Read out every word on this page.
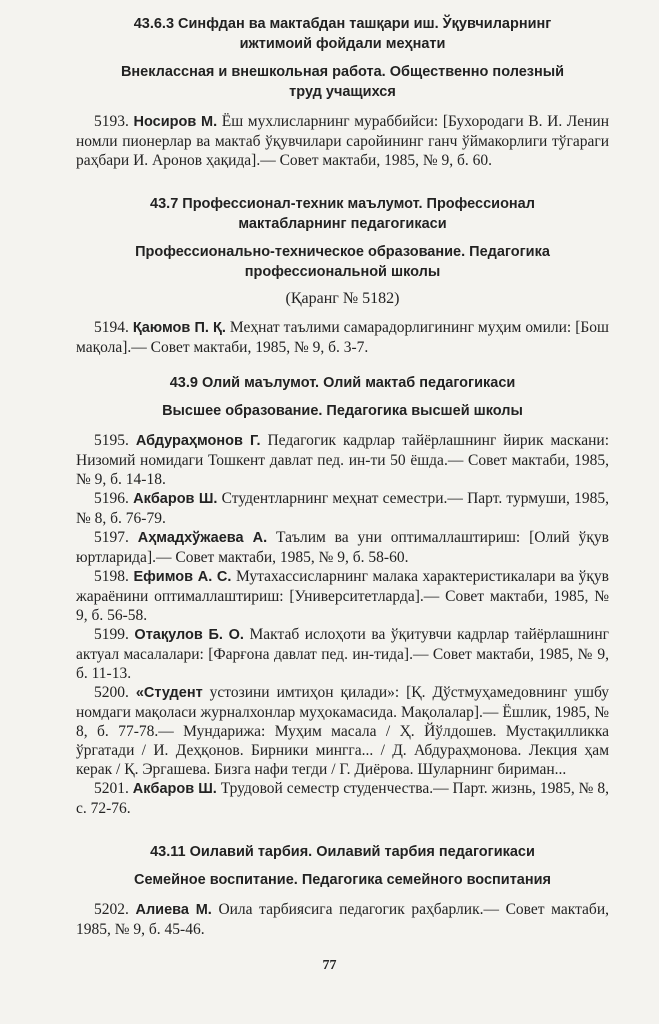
43.6.3 Синфдан ва мактабдан ташқари иш. Ўқувчиларнинг
ижтимоий фойдали меҳнати

Внеклассная и внешкольная работа. Общественно полезный
труд учащихся

5193. Носиров М. Ёш мухлисларнинг мураббийси: [Бухородаги В. И. Ленин номли пионерлар ва мактаб ўқувчилари саройининг ганч ўймакорлиги тўгараги раҳбари И. Аронов ҳақида].— Совет мактаби, 1985, № 9, б. 60.

43.7 Профессионал-техник маълумот. Профессионал
мактабларнинг педагогикаси

Профессионально-техническое образование. Педагогика
профессиональной школы

(Қаранг № 5182)

5194. Қаюмов П. Қ. Меҳнат таълими самарадорлигининг муҳим омили: [Бош мақола].— Совет мактаби, 1985, № 9, б. 3-7.

43.9 Олий маълумот. Олий мактаб педагогикаси

Высшее образование. Педагогика высшей школы

5195. Абдураҳмонов Г. Педагогик кадрлар тайёрлашнинг йирик маскани: Низомий номидаги Тошкент давлат пед. ин-ти 50 ёшда.— Совет мактаби, 1985, № 9, б. 14-18.

5196. Акбаров Ш. Студентларнинг меҳнат семестри.— Парт. турмуши, 1985, № 8, б. 76-79.

5197. Аҳмадхўжаева А. Таълим ва уни оптималлаштириш: [Олий ўқув юртларида].— Совет мактаби, 1985, № 9, б. 58-60.

5198. Ефимов А. С. Мутахассисларнинг малака характеристикалари ва ўқув жараёнини оптималлаштириш: [Университетларда].— Совет мактаби, 1985, № 9, б. 56-58.

5199. Отақулов Б. О. Мактаб ислоҳоти ва ўқитувчи кадрлар тайёрлашнинг актуал масалалари: [Фарғона давлат пед. ин-тида].— Совет мактаби, 1985, № 9, б. 11-13.

5200. «Студент устозини имтиҳон қилади»: [Қ. Дўстмуҳамедовнинг ушбу номдаги мақоласи журналхонлар муҳокамасида. Мақолалар].— Ёшлик, 1985, № 8, б. 77-78.— Мундарижа: Муҳим масала / Ҳ. Йўлдошев. Мустақилликка ўргатади / И. Деҳқонов. Бирники мингга... / Д. Абдураҳмонова. Лекция ҳам керак / Қ. Эргашева. Бизга нафи тегди / Г. Диёрова. Шуларнинг бириман...

5201. Акбаров Ш. Трудовой семестр студенчества.— Парт. жизнь, 1985, № 8, с. 72-76.

43.11 Оилавий тарбия. Оилавий тарбия педагогикаси

Семейное воспитание. Педагогика семейного воспитания

5202. Алиева М. Оила тарбиясига педагогик раҳбарлик.— Совет мактаби, 1985, № 9, б. 45-46.

77
